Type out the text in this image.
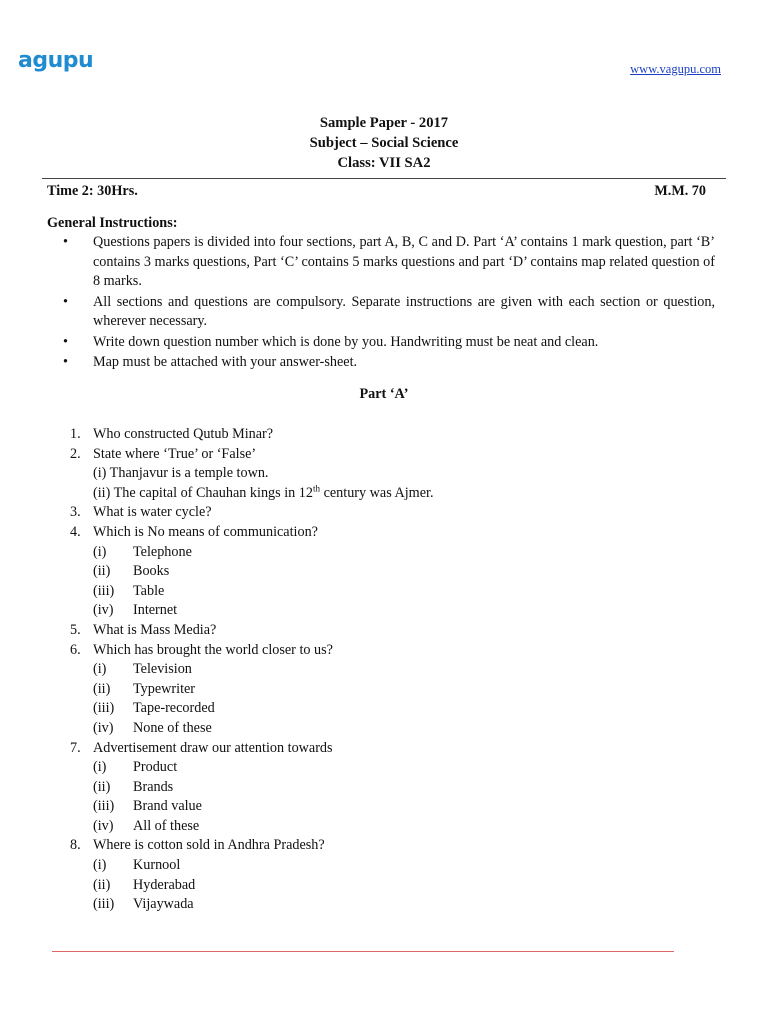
agupu	www.vagupu.com
Sample Paper - 2017
Subject – Social Science
Class: VII SA2
Time 2: 30Hrs.	M.M. 70
General Instructions:
• Questions papers is divided into four sections, part A, B, C and D. Part ‘A’ contains 1 mark question, part ‘B’ contains 3 marks questions, Part ‘C’ contains 5 marks questions and part ‘D’ contains map related question of 8 marks.
• All sections and questions are compulsory. Separate instructions are given with each section or question, wherever necessary.
• Write down question number which is done by you. Handwriting must be neat and clean.
• Map must be attached with your answer-sheet.
Part ‘A’
1. Who constructed Qutub Minar?
2. State where ‘True’ or ‘False’
(i) Thanjavur is a temple town.
(ii) The capital of Chauhan kings in 12th century was Ajmer.
3. What is water cycle?
4. Which is No means of communication?
(i)	Telephone
(ii)	Books
(iii)	Table
(iv)	Internet
5. What is Mass Media?
6. Which has brought the world closer to us?
(i)	Television
(ii)	Typewriter
(iii)	Tape-recorded
(iv)	None of these
7. Advertisement draw our attention towards
(i)	Product
(ii)	Brands
(iii)	Brand value
(iv)	All of these
8. Where is cotton sold in Andhra Pradesh?
(i)	Kurnool
(ii)	Hyderabad
(iii)	Vijaywada
